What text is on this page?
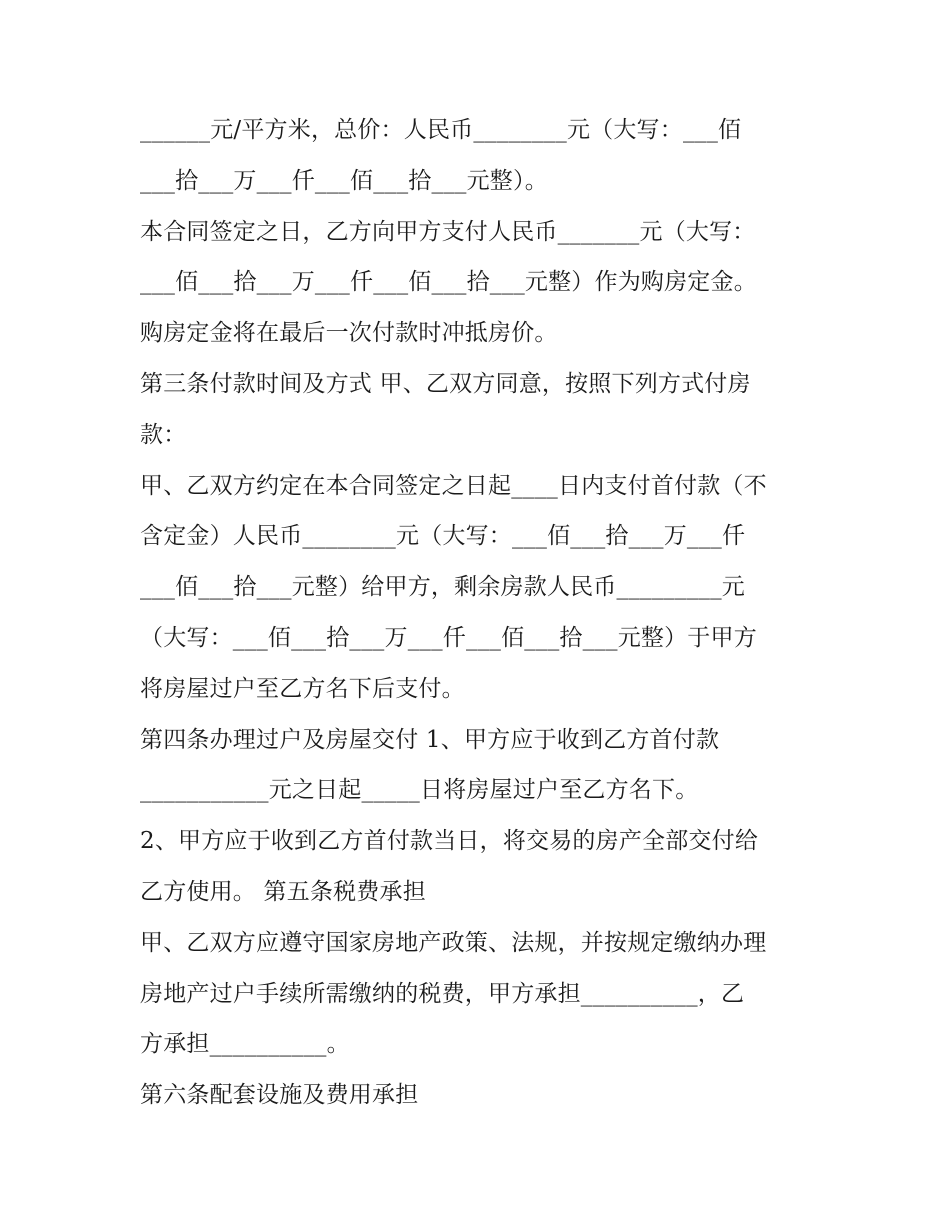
______元/平方米，总价：人民币________元（大写：___佰
___拾___万___仟___佰___拾___元整）。
本合同签定之日，乙方向甲方支付人民币_______元（大写：
___佰___拾___万___仟___佰___拾___元整）作为购房定金。
购房定金将在最后一次付款时冲抵房价。
第三条付款时间及方式 甲、乙双方同意，按照下列方式付房
款：
甲、乙双方约定在本合同签定之日起____日内支付首付款（不
含定金）人民币________元（大写：___佰___拾___万___仟
___佰___拾___元整）给甲方，剩余房款人民币_________元
（大写：___佰___拾___万___仟___佰___拾___元整）于甲方
将房屋过户至乙方名下后支付。
第四条办理过户及房屋交付 1、甲方应于收到乙方首付款
___________元之日起_____日将房屋过户至乙方名下。
2、甲方应于收到乙方首付款当日，将交易的房产全部交付给
乙方使用。 第五条税费承担
甲、乙双方应遵守国家房地产政策、法规，并按规定缴纳办理
房地产过户手续所需缴纳的税费，甲方承担__________，乙
方承担__________。
第六条配套设施及费用承担
